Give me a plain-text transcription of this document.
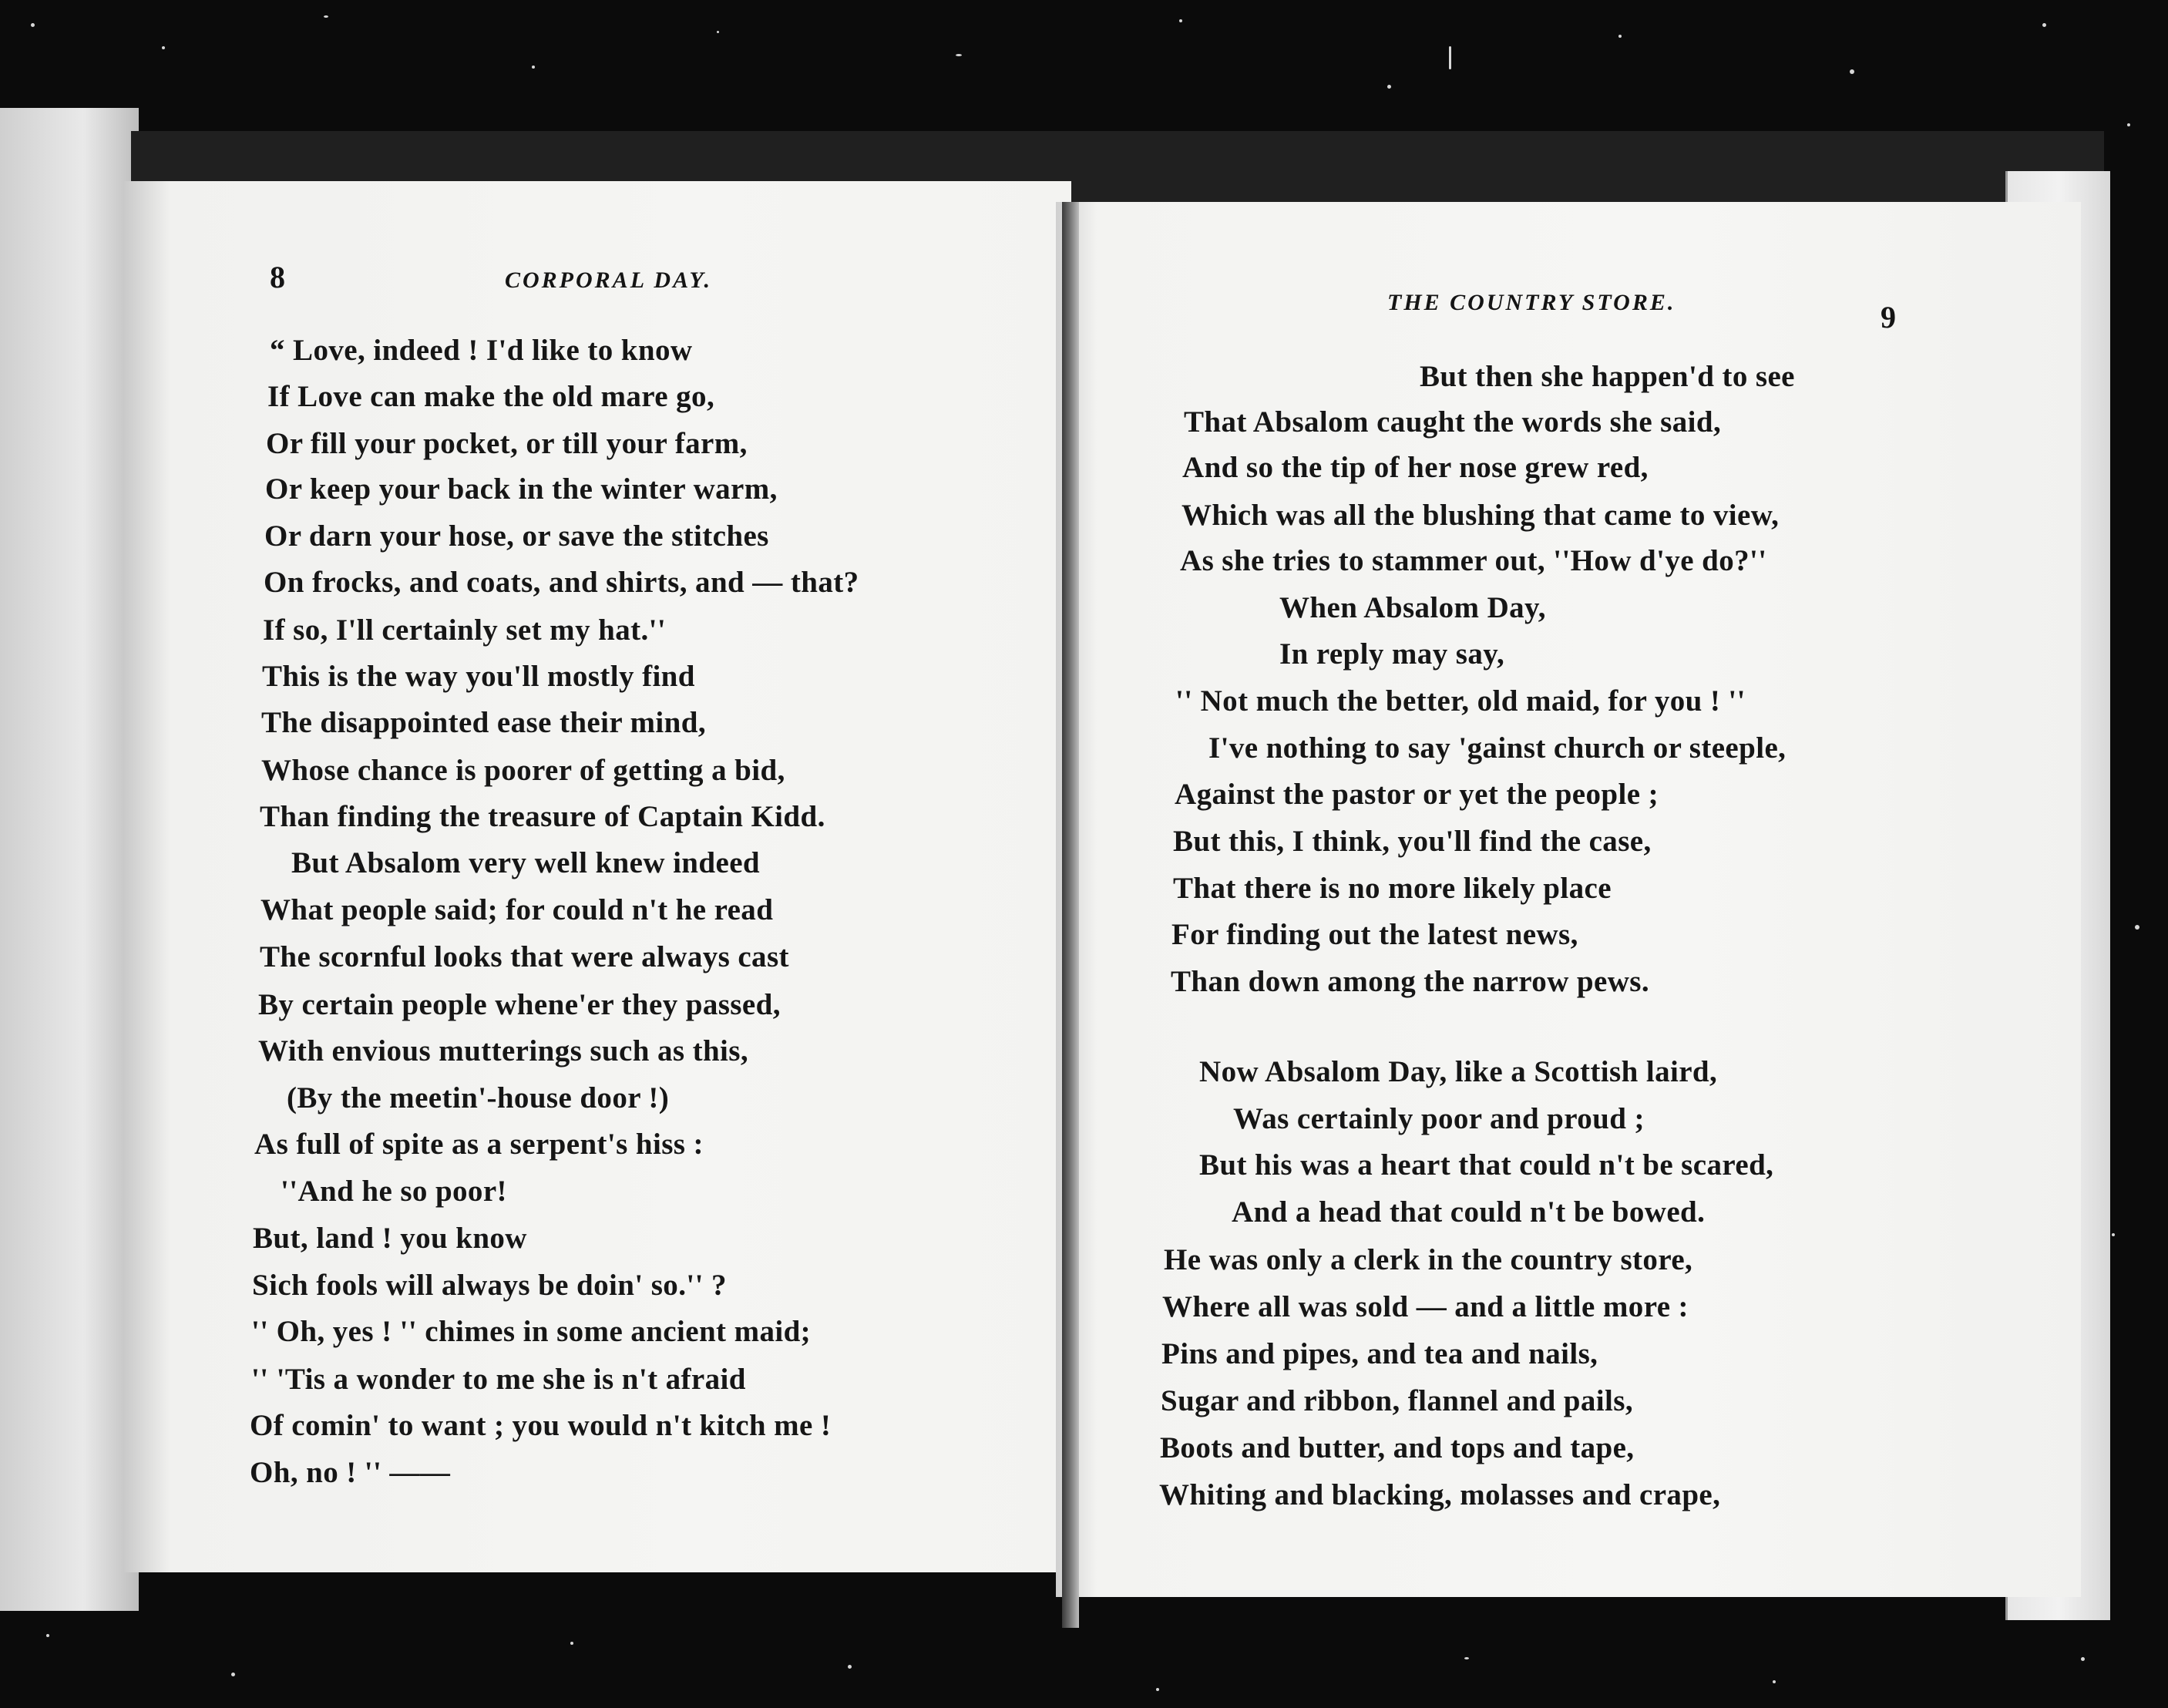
8	CORPORAL DAY.
“ Love, indeed ! I'd like to know
If Love can make the old mare go,
Or fill your pocket, or till your farm,
Or keep your back in the winter warm,
Or darn your hose, or save the stitches
On frocks, and coats, and shirts, and — that?
If so, I'll certainly set my hat.''
This is the way you'll mostly find
The disappointed ease their mind,
Whose chance is poorer of getting a bid,
Than finding the treasure of Captain Kidd.
But Absalom very well knew indeed
What people said; for could n't he read
The scornful looks that were always cast
By certain people whene'er they passed,
With envious mutterings such as this,
(By the meetin'-house door !)
As full of spite as a serpent's hiss :
''And he so poor!
But, land ! you know
Sich fools will always be doin' so.'' ?
'' Oh, yes ! '' chimes in some ancient maid;
'' 'Tis a wonder to me she is n't afraid
Of comin' to want ; you would n't kitch me !
Oh, no ! '' ——
THE COUNTRY STORE.	9
But then she happen'd to see
That Absalom caught the words she said,
And so the tip of her nose grew red,
Which was all the blushing that came to view,
As she tries to stammer out, ''How d'ye do?''
When Absalom Day,
In reply may say,
'' Not much the better, old maid, for you ! ''
I've nothing to say 'gainst church or steeple,
Against the pastor or yet the people ;
But this, I think, you'll find the case,
That there is no more likely place
For finding out the latest news,
Than down among the narrow pews.
Now Absalom Day, like a Scottish laird,
Was certainly poor and proud ;
But his was a heart that could n't be scared,
And a head that could n't be bowed.
He was only a clerk in the country store,
Where all was sold — and a little more :
Pins and pipes, and tea and nails,
Sugar and ribbon, flannel and pails,
Boots and butter, and tops and tape,
Whiting and blacking, molasses and crape,
